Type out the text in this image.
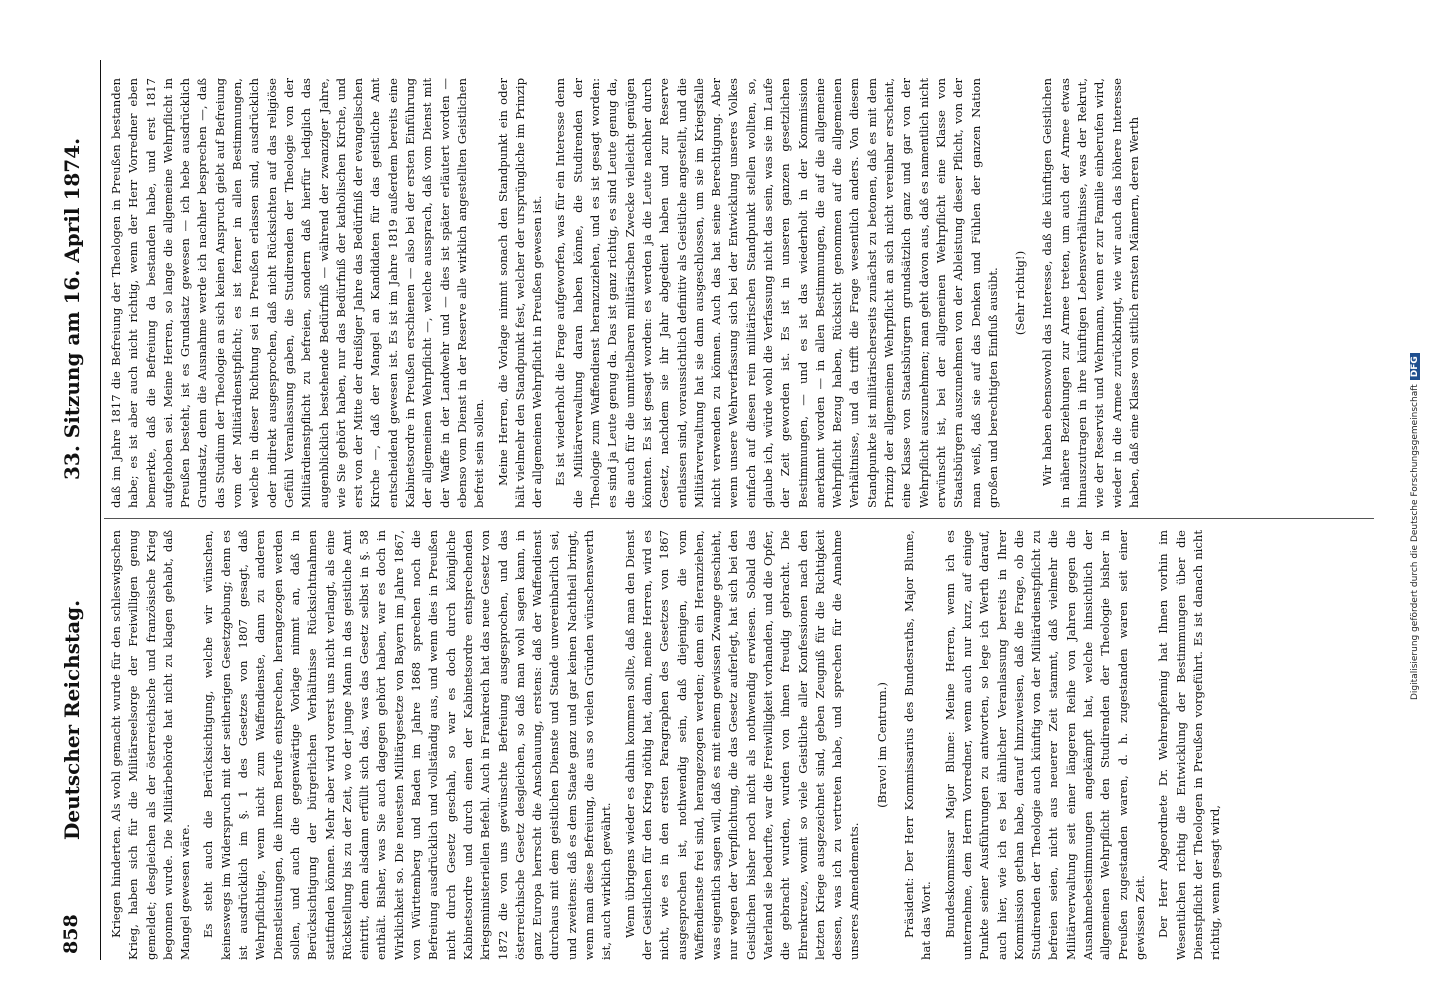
858
Deutscher Reichstag.
33. Sitzung am 16. April 1874.

Kriegen hinderten. Als wohl gemacht wurde für den schleswigschen Krieg, haben sich für die Militärseelsorge der Freiwilligen genug gemeldet; desgleichen als der österreichische und französische Krieg begonnen wurde. Die Militärbehörde hat nicht zu klagen gehabt, daß Mangel gewesen wäre. Es steht auch die Berücksichtigung, welche wir wünschen, keineswegs im Widerspruch mit der seitherigen Gesetzgebung; denn es ist ausdrücklich im §. 1 des Gesetzes von 1807 gesagt, daß Wehrpflichtige, wenn nicht zum Waffendienste, dann zu anderen Dienstleistungen, die ihrem Berufe entsprechen, herangezogen werden sollen, und auch die gegenwärtige Vorlage nimmt an, daß in Berücksichtigung der bürgerlichen Verhältnisse Rücksichtnahmen stattfinden können. Mehr aber wird vorerst uns nicht verlangt, als eine Rückstellung bis zu der Zeit, wo der junge Mann in das geistliche Amt eintritt, denn alsdann erfüllt sich das, was das Gesetz selbst in §. 58 enthält. Bisher, was Sie auch dagegen gehört haben, war es doch in Wirklichkeit so. Die neuesten Militärgesetze von Bayern im Jahre 1867, von Württemberg und Baden im Jahre 1868 sprechen noch die Befreiung ausdrücklich und vollständig aus, und wenn dies in Preußen nicht durch Gesetz geschah, so war es doch durch königliche Kabinetsordre und durch einen der Kabinetsordre entsprechenden kriegsministeriellen Befehl. Auch in Frankreich hat das neue Gesetz von 1872 die von uns gewünschte Befreiung ausgesprochen, und das österreichische Gesetz desgleichen, so daß man wohl sagen kann, in ganz Europa herrscht die Anschauung, erstens: daß der Waffendienst durchaus mit dem geistlichen Dienste und Stande unvereinbarlich sei, und zweitens: daß es dem Staate ganz und gar keinen Nachtheil bringt, wenn man diese Befreiung, die aus so vielen Gründen wünschenswerth ist, auch wirklich gewährt. Wenn übrigens wieder es dahin kommen sollte, daß man den Dienst der Geistlichen für den Krieg nöthig hat, dann, meine Herren, wird es nicht, wie es in den ersten Paragraphen des Gesetzes von 1867 ausgesprochen ist, nothwendig sein, daß diejenigen, die vom Waffendienste frei sind, herangezogen werden; denn ein Heranziehen, was eigentlich sagen will, daß es mit einem gewissen Zwange geschieht, nur wegen der Verpflichtung, die das Gesetz auferlegt, hat sich bei den Geistlichen bisher noch nicht als nothwendig erwiesen. Sobald das Vaterland sie bedurfte, war die Freiwilligkeit vorhanden, und die Opfer, die gebracht wurden, wurden von ihnen freudig gebracht. Die Ehrenkreuze, womit so viele Geistliche aller Konfessionen nach den letzten Kriege ausgezeichnet sind, geben Zeugniß für die Richtigkeit dessen, was ich zu vertreten habe, und sprechen für die Annahme unseres Amendements.

(Bravo! im Centrum.) Präsident: Der Herr Kommissarius des Bundesraths, Major Blume, hat das Wort. Bundeskommissar Major Blume: Meine Herren, wenn ich es unternehme, dem Herrn Vorredner, wenn auch nur kurz, auf einige Punkte seiner Ausführungen zu antworten, so lege ich Werth darauf, auch hier, wie ich es bei ähnlicher Veranlassung bereits in Ihrer Kommission gethan habe, darauf hinzuweisen, daß die Frage, ob die Studirenden der Theologie auch künftig von der Militärdienstpflicht zu befreien seien, nicht aus neuerer Zeit stammt, daß vielmehr die Militärverwaltung seit einer längeren Reihe von Jahren gegen die Ausnahmebestimmungen angekämpft hat, welche hinsichtlich der allgemeinen Wehrpflicht den Studirenden der Theologie bisher in Preußen zugestanden waren, d. h. zugestanden waren seit einer gewissen Zeit. Der Herr Abgeordnete Dr. Wehrenpfennig hat Ihnen vorhin im Wesentlichen richtig die Entwicklung der Bestimmungen über die Dienstpflicht der Theologen in Preußen vorgeführt. Es ist danach nicht richtig, wenn gesagt wird,

daß im Jahre 1817 die Befreiung der Theologen in Preußen bestanden habe; es ist aber auch nicht richtig, wenn der Herr Vorredner eben bemerkte, daß die Befreiung da bestanden habe, und erst 1817 aufgehoben sei. Meine Herren, so lange die allgemeine Wehrpflicht in Preußen besteht, ist es Grundsatz gewesen — ich hebe ausdrücklich Grundsatz, denn die Ausnahme werde ich nachher besprechen —, daß das Studium der Theologie an sich keinen Anspruch giebt auf Befreiung vom der Militärdienstpflicht; es ist ferner in allen Bestimmungen, welche in dieser Richtung sei in Preußen erlassen sind, ausdrücklich oder indirekt ausgesprochen, daß nicht Rücksichten auf das religiöse Gefühl Veranlassung gaben, die Studirenden der Theologie von der Militärdienstpflicht zu befreien, sondern daß hierfür lediglich das augenblicklich bestehende Bedürfniß — während der zwanziger Jahre, wie Sie gehört haben, nur das Bedürfniß der katholischen Kirche, und erst von der Mitte der dreißiger Jahre das Bedürfniß der evangelischen Kirche —, daß der Mangel an Kandidaten für das geistliche Amt entscheidend gewesen ist. Es ist im Jahre 1819 außerdem bereits eine Kabinetsordre in Preußen erschienen — also bei der ersten Einführung der allgemeinen Wehrpflicht —, welche aussprach, daß vom Dienst mit der Waffe in der Landwehr und — dies ist später erläutert worden — ebenso vom Dienst in der Reserve alle wirklich angestellten Geistlichen befreit sein sollen. Meine Herren, die Vorlage nimmt sonach den Standpunkt ein oder hält vielmehr den Standpunkt fest, welcher der ursprüngliche im Prinzip der allgemeinen Wehrpflicht in Preußen gewesen ist. Es ist wiederholt die Frage aufgeworfen, was für ein Interesse denn die Militärverwaltung daran haben könne, die Studirenden der Theologie zum Waffendienst heranzuziehen, und es ist gesagt worden: es sind ja Leute genug da. Das ist ganz richtig, es sind Leute genug da, die auch für die unmittelbaren militärischen Zwecke vielleicht genügen könnten. Es ist gesagt worden: es werden ja die Leute nachher durch Gesetz, nachdem sie ihr Jahr abgedient haben und zur Reserve entlassen sind, voraussichtlich definitiv als Geistliche angestellt, und die Militärverwaltung hat sie dann ausgeschlossen, um sie im Kriegsfalle nicht verwenden zu können. Auch das hat seine Berechtigung. Aber wenn unsere Wehrverfassung sich bei der Entwicklung unseres Volkes einfach auf diesen rein militärischen Standpunkt stellen wollten, so, glaube ich, würde wohl die Verfassung nicht das sein, was sie im Laufe der Zeit geworden ist. Es ist in unseren ganzen gesetzlichen Bestimmungen, — und es ist das wiederholt in der Kommission anerkannt worden — in allen Bestimmungen, die auf die allgemeine Wehrpflicht Bezug haben, Rücksicht genommen auf die allgemeinen Verhältnisse, und da trifft die Frage wesentlich anders. Von diesem Standpunkte ist militärischerseits zunächst zu betonen, daß es mit dem Prinzip der allgemeinen Wehrpflicht an sich nicht vereinbar erscheint, eine Klasse von Staatsbürgern grundsätzlich ganz und gar von der Wehrpflicht auszunehmen; man geht davon aus, daß es namentlich nicht erwünscht ist, bei der allgemeinen Wehrpflicht eine Klasse von Staatsbürgern auszunehmen von der Ableistung dieser Pflicht, von der man weiß, daß sie auf das Denken und Fühlen der ganzen Nation großen und berechtigten Einfluß ausübt. (Sehr richtig!) Wir haben ebensowohl das Interesse, daß die künftigen Geistlichen in nähere Beziehungen zur Armee treten, um auch der Armee etwas hinauszutragen in ihre künftigen Lebensverhältnisse, was der Rekrut, wie der Reservist und Wehrmann, wenn er zur Familie einberufen wird, wieder in die Armee zurückbringt, wie wir auch das höhere Interesse haben, daß eine Klasse von sittlich ernsten Männern, deren Werth

Digitalisierung gefördert durch die Deutsche ForschungsgemeinschaftDFG
